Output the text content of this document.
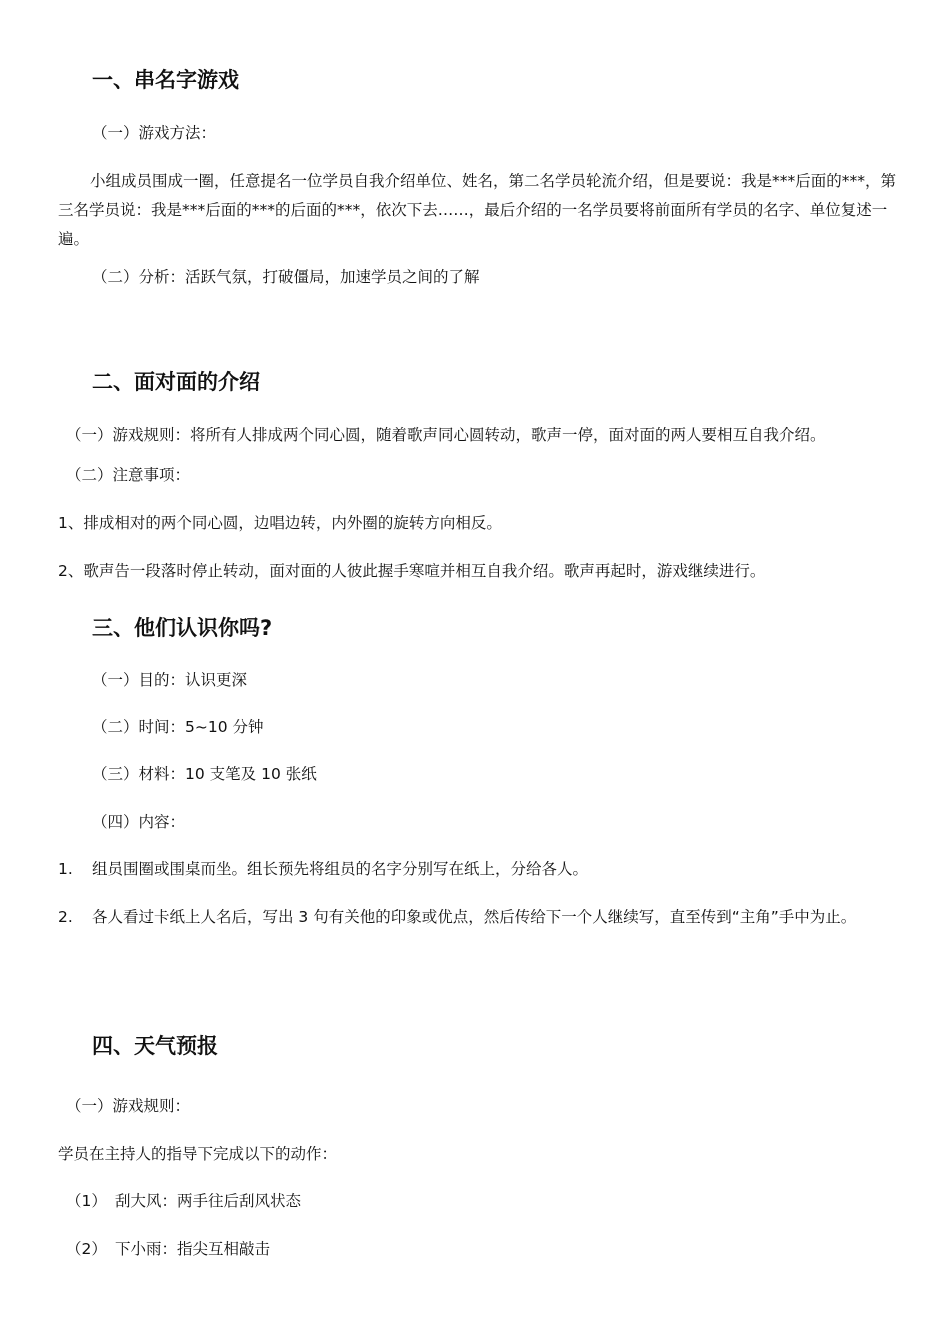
一、串名字游戏
（一）游戏方法：
小组成员围成一圈，任意提名一位学员自我介绍单位、姓名，第二名学员轮流介绍，但是要说：我是***后面的***，第三名学员说：我是***后面的***的后面的***，依次下去……，最后介绍的一名学员要将前面所有学员的名字、单位复述一遍。
（二）分析：活跃气氛，打破僵局，加速学员之间的了解
二、面对面的介绍
（一）游戏规则：将所有人排成两个同心圆，随着歌声同心圆转动，歌声一停，面对面的两人要相互自我介绍。
（二）注意事项：
1、排成相对的两个同心圆，边唱边转，内外圈的旋转方向相反。
2、歌声告一段落时停止转动，面对面的人彼此握手寒喧并相互自我介绍。歌声再起时，游戏继续进行。
三、他们认识你吗?
（一）目的：认识更深
（二）时间：5~10 分钟
（三）材料：10 支笔及 10 张纸
（四）内容：
1. 组员围圈或围桌而坐。组长预先将组员的名字分别写在纸上，分给各人。
2. 各人看过卡纸上人名后，写出 3 句有关他的印象或优点，然后传给下一个人继续写，直至传到“主角”手中为止。
四、天气预报
（一）游戏规则：
学员在主持人的指导下完成以下的动作：
（1） 刮大风：两手往后刮风状态
（2） 下小雨：指尖互相敲击
